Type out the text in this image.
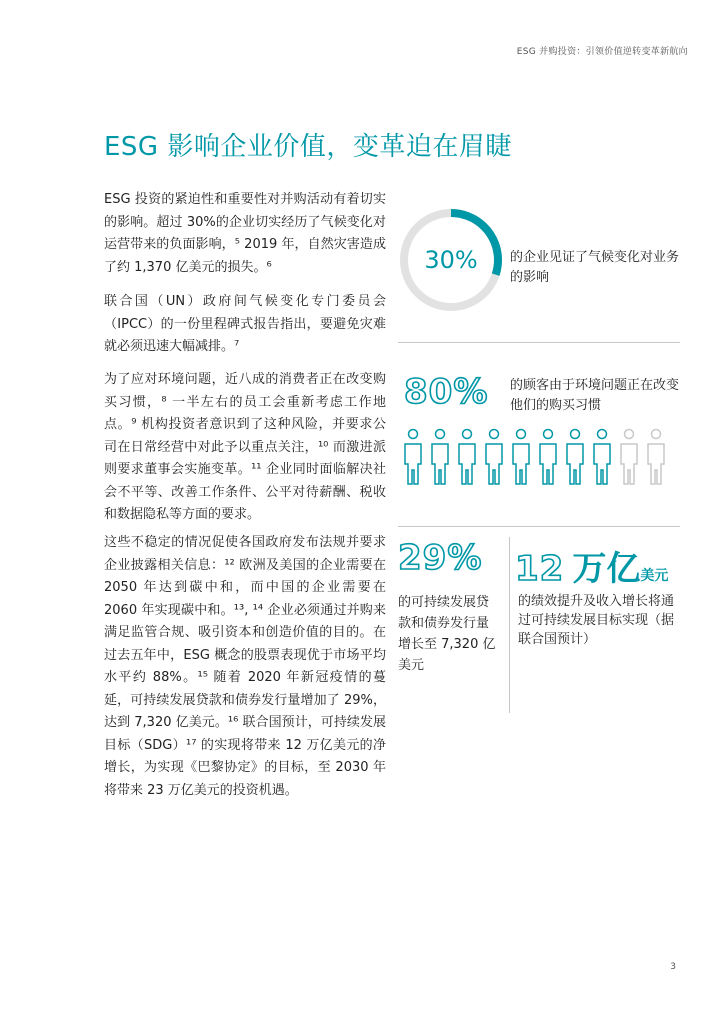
ESG 并购投资：引领价值逆转变革新航向
ESG 影响企业价值，变革迫在眉睫

ESG 投资的紧迫性和重要性对并购活动有着切实的影响。超过 30%的企业切实经历了气候变化对运营带来的负面影响，⁵ 2019 年，自然灾害造成了约 1,370 亿美元的损失。⁶

联合国（UN）政府间气候变化专门委员会（IPCC）的一份里程碑式报告指出，要避免灾难就必须迅速大幅减排。⁷

为了应对环境问题，近八成的消费者正在改变购买习惯，⁸ 一半左右的员工会重新考虑工作地点。⁹ 机构投资者意识到了这种风险，并要求公司在日常经营中对此予以重点关注，¹⁰ 而激进派则要求董事会实施变革。¹¹ 企业同时面临解决社会不平等、改善工作条件、公平对待薪酬、税收和数据隐私等方面的要求。

这些不稳定的情况促使各国政府发布法规并要求企业披露相关信息：¹² 欧洲及美国的企业需要在 2050 年达到碳中和，而中国的企业需要在 2060 年实现碳中和。¹³, ¹⁴ 企业必须通过并购来满足监管合规、吸引资本和创造价值的目的。在过去五年中，ESG 概念的股票表现优于市场平均水平约 88%。¹⁵ 随着 2020 年新冠疫情的蔓延，可持续发展贷款和债券发行量增加了 29%，达到 7,320 亿美元。¹⁶ 联合国预计，可持续发展目标（SDG）¹⁷ 的实现将带来 12 万亿美元的净增长，为实现《巴黎协定》的目标，至 2030 年将带来 23 万亿美元的投资机遇。

30%	的企业见证了气候变化对业务的影响
80% 的顾客由于环境问题正在改变他们的购买习惯
29%
的可持续发展贷款和债券发行量增长至 7,320 亿美元
12 万亿 美元
的绩效提升及收入增长将通过可持续发展目标实现（据联合国预计）
3
